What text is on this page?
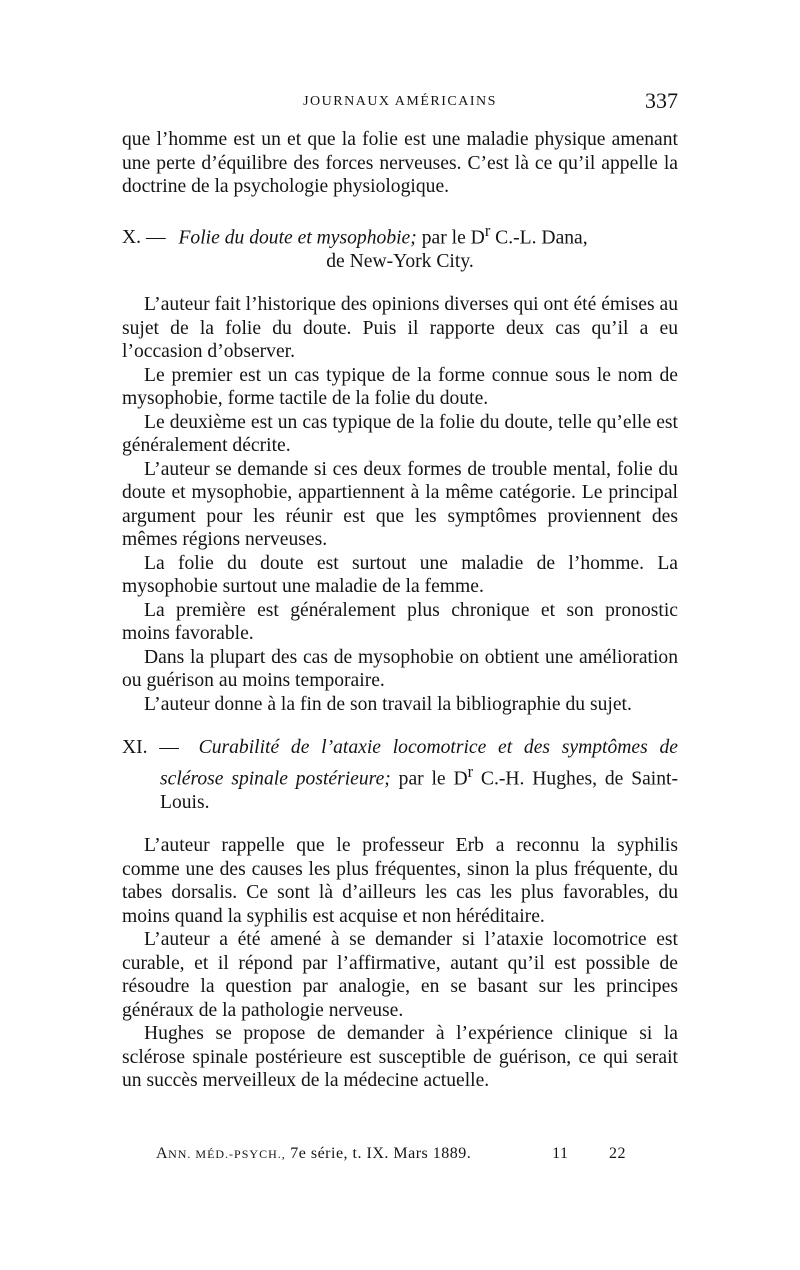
JOURNAUX AMÉRICAINS	337

que l’homme est un et que la folie est une maladie physique amenant une perte d’équilibre des forces nerveuses. C’est là ce qu’il appelle la doctrine de la psychologie physiologique.

X. — Folie du doute et mysophobie; par le $D^r$ C.-L. Dana,

de New-York City.

L’auteur fait l’historique des opinions diverses qui ont été émises au sujet de la folie du doute. Puis il rapporte deux cas qu’il a eu l’occasion d’observer.

Le premier est un cas typique de la forme connue sous le nom de mysophobie, forme tactile de la folie du doute.

Le deuxième est un cas typique de la folie du doute, telle qu’elle est généralement décrite.

L’auteur se demande si ces deux formes de trouble mental, folie du doute et mysophobie, appartiennent à la même catégorie. Le principal argument pour les réunir est que les symptômes proviennent des mêmes régions nerveuses.

La folie du doute est surtout une maladie de l’homme. La mysophobie surtout une maladie de la femme.

La première est généralement plus chronique et son pronostic moins favorable.

Dans la plupart des cas de mysophobie on obtient une amélioration ou guérison au moins temporaire.

L’auteur donne à la fin de son travail la bibliographie du sujet.

XI. — Curabilité de l’ataxie locomotrice et des symptômes de sclérose spinale postérieure; par le $D^r$ C.-H. Hughes, de Saint-Louis.

L’auteur rappelle que le professeur Erb a reconnu la syphilis comme une des causes les plus fréquentes, sinon la plus fréquente, du tabes dorsalis. Ce sont là d’ailleurs les cas les plus favorables, du moins quand la syphilis est acquise et non héréditaire.

L’auteur a été amené à se demander si l’ataxie locomotrice est curable, et il répond par l’affirmative, autant qu’il est possible de résoudre la question par analogie, en se basant sur les principes généraux de la pathologie nerveuse.

Hughes se propose de demander à l’expérience clinique si la sclérose spinale postérieure est susceptible de guérison, ce qui serait un succès merveilleux de la médecine actuelle.

ANN. MÉD.-PSYCH., 7e série, t. IX. Mars 1889.	11	22
